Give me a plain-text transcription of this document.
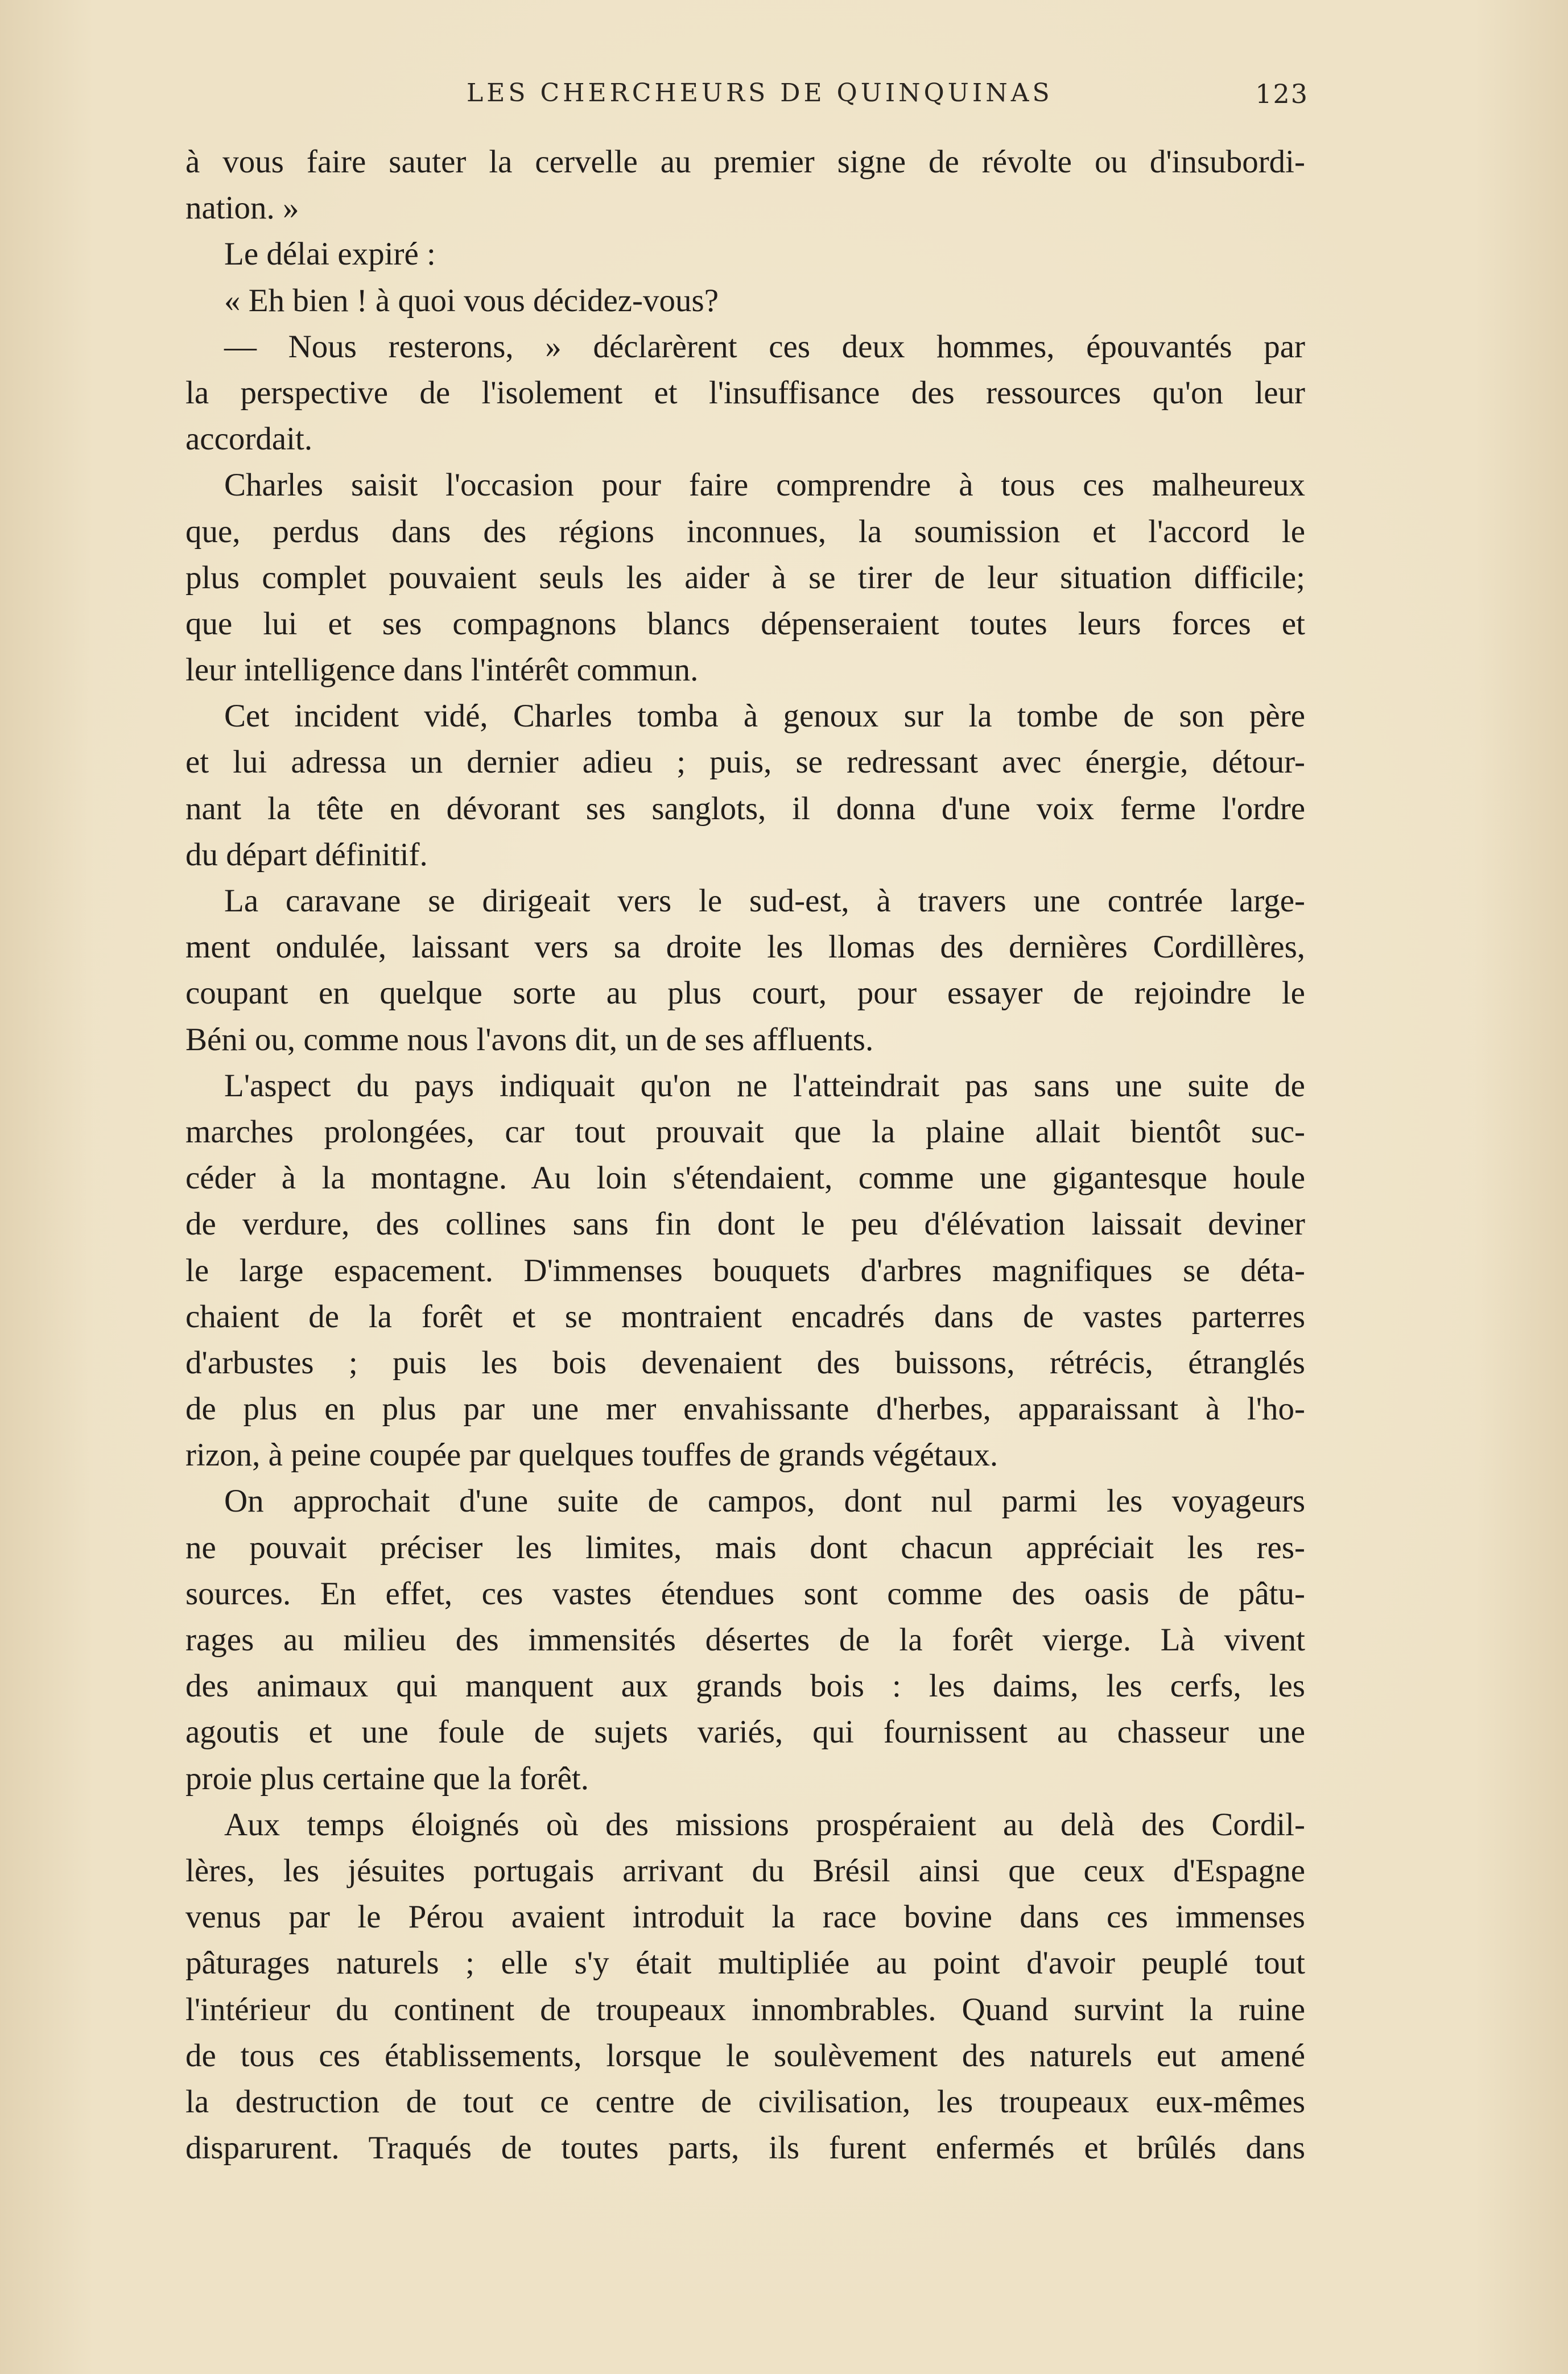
LES CHERCHEURS DE QUINQUINAS	123
à vous faire sauter la cervelle au premier signe de révolte ou d'insubordi-
nation. »
Le délai expiré :
« Eh bien ! à quoi vous décidez-vous?
— Nous resterons, » déclarèrent ces deux hommes, épouvantés par
la perspective de l'isolement et l'insuffisance des ressources qu'on leur
accordait.
Charles saisit l'occasion pour faire comprendre à tous ces malheureux
que, perdus dans des régions inconnues, la soumission et l'accord le
plus complet pouvaient seuls les aider à se tirer de leur situation difficile;
que lui et ses compagnons blancs dépenseraient toutes leurs forces et
leur intelligence dans l'intérêt commun.
Cet incident vidé, Charles tomba à genoux sur la tombe de son père
et lui adressa un dernier adieu ; puis, se redressant avec énergie, détour-
nant la tête en dévorant ses sanglots, il donna d'une voix ferme l'ordre
du départ définitif.
La caravane se dirigeait vers le sud-est, à travers une contrée large-
ment ondulée, laissant vers sa droite les llomas des dernières Cordillères,
coupant en quelque sorte au plus court, pour essayer de rejoindre le
Béni ou, comme nous l'avons dit, un de ses affluents.
L'aspect du pays indiquait qu'on ne l'atteindrait pas sans une suite de
marches prolongées, car tout prouvait que la plaine allait bientôt suc-
céder à la montagne. Au loin s'étendaient, comme une gigantesque houle
de verdure, des collines sans fin dont le peu d'élévation laissait deviner
le large espacement. D'immenses bouquets d'arbres magnifiques se déta-
chaient de la forêt et se montraient encadrés dans de vastes parterres
d'arbustes ; puis les bois devenaient des buissons, rétrécis, étranglés
de plus en plus par une mer envahissante d'herbes, apparaissant à l'ho-
rizon, à peine coupée par quelques touffes de grands végétaux.
On approchait d'une suite de campos, dont nul parmi les voyageurs
ne pouvait préciser les limites, mais dont chacun appréciait les res-
sources. En effet, ces vastes étendues sont comme des oasis de pâtu-
rages au milieu des immensités désertes de la forêt vierge. Là vivent
des animaux qui manquent aux grands bois : les daims, les cerfs, les
agoutis et une foule de sujets variés, qui fournissent au chasseur une
proie plus certaine que la forêt.
Aux temps éloignés où des missions prospéraient au delà des Cordil-
lères, les jésuites portugais arrivant du Brésil ainsi que ceux d'Espagne
venus par le Pérou avaient introduit la race bovine dans ces immenses
pâturages naturels ; elle s'y était multipliée au point d'avoir peuplé tout
l'intérieur du continent de troupeaux innombrables. Quand survint la ruine
de tous ces établissements, lorsque le soulèvement des naturels eut amené
la destruction de tout ce centre de civilisation, les troupeaux eux-mêmes
disparurent. Traqués de toutes parts, ils furent enfermés et brûlés dans
